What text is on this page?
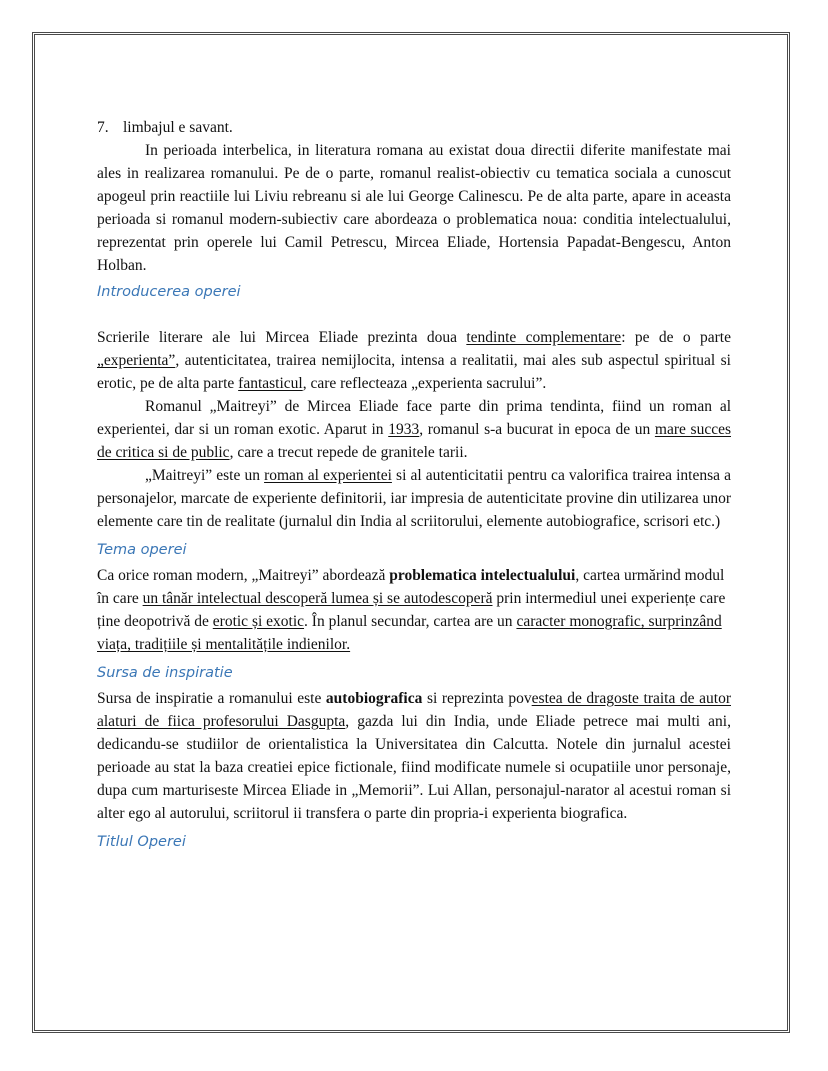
7. limbajul e savant.

In perioada interbelica, in literatura romana au existat doua directii diferite manifestate mai ales in realizarea romanului. Pe de o parte, romanul realist-obiectiv cu tematica sociala a cunoscut apogeul prin reactiile lui Liviu rebreanu si ale lui George Calinescu. Pe de alta parte, apare in aceasta perioada si romanul modern-subiectiv care abordeaza o problematica noua: conditia intelectualului, reprezentat prin operele lui Camil Petrescu, Mircea Eliade, Hortensia Papadat-Bengescu, Anton Holban.

Introducerea operei

Scrierile literare ale lui Mircea Eliade prezinta doua tendinte complementare: pe de o parte „experienta”, autenticitatea, trairea nemijlocita, intensa a realitatii, mai ales sub aspectul spiritual si erotic, pe de alta parte fantasticul, care reflecteaza „experienta sacrului”.

Romanul „Maitreyi” de Mircea Eliade face parte din prima tendinta, fiind un roman al experientei, dar si un roman exotic. Aparut in 1933, romanul s-a bucurat in epoca de un mare succes de critica si de public, care a trecut repede de granitele tarii.

„Maitreyi” este un roman al experientei si al autenticitatii pentru ca valorifica trairea intensa a personajelor, marcate de experiente definitorii, iar impresia de autenticitate provine din utilizarea unor elemente care tin de realitate (jurnalul din India al scriitorului, elemente autobiografice, scrisori etc.)

Tema operei

Ca orice roman modern, „Maitreyi” abordează problematica intelectualului, cartea urmărind modul în care un tânăr intelectual descoperă lumea și se autodescoperă prin intermediul unei experiențe care ține deopotrivă de erotic și exotic. În planul secundar, cartea are un caracter monografic, surprinzând viața, tradițiile și mentalitățile indienilor.

Sursa de inspiratie

Sursa de inspiratie a romanului este autobiografica si reprezinta povestea de dragoste traita de autor alaturi de fiica profesorului Dasgupta, gazda lui din India, unde Eliade petrece mai multi ani, dedicandu-se studiilor de orientalistica la Universitatea din Calcutta. Notele din jurnalul acestei perioade au stat la baza creatiei epice fictionale, fiind modificate numele si ocupatiile unor personaje, dupa cum marturiseste Mircea Eliade in „Memorii”. Lui Allan, personajul-narator al acestui roman si alter ego al autorului, scriitorul ii transfera o parte din propria-i experienta biografica.

Titlul Operei
